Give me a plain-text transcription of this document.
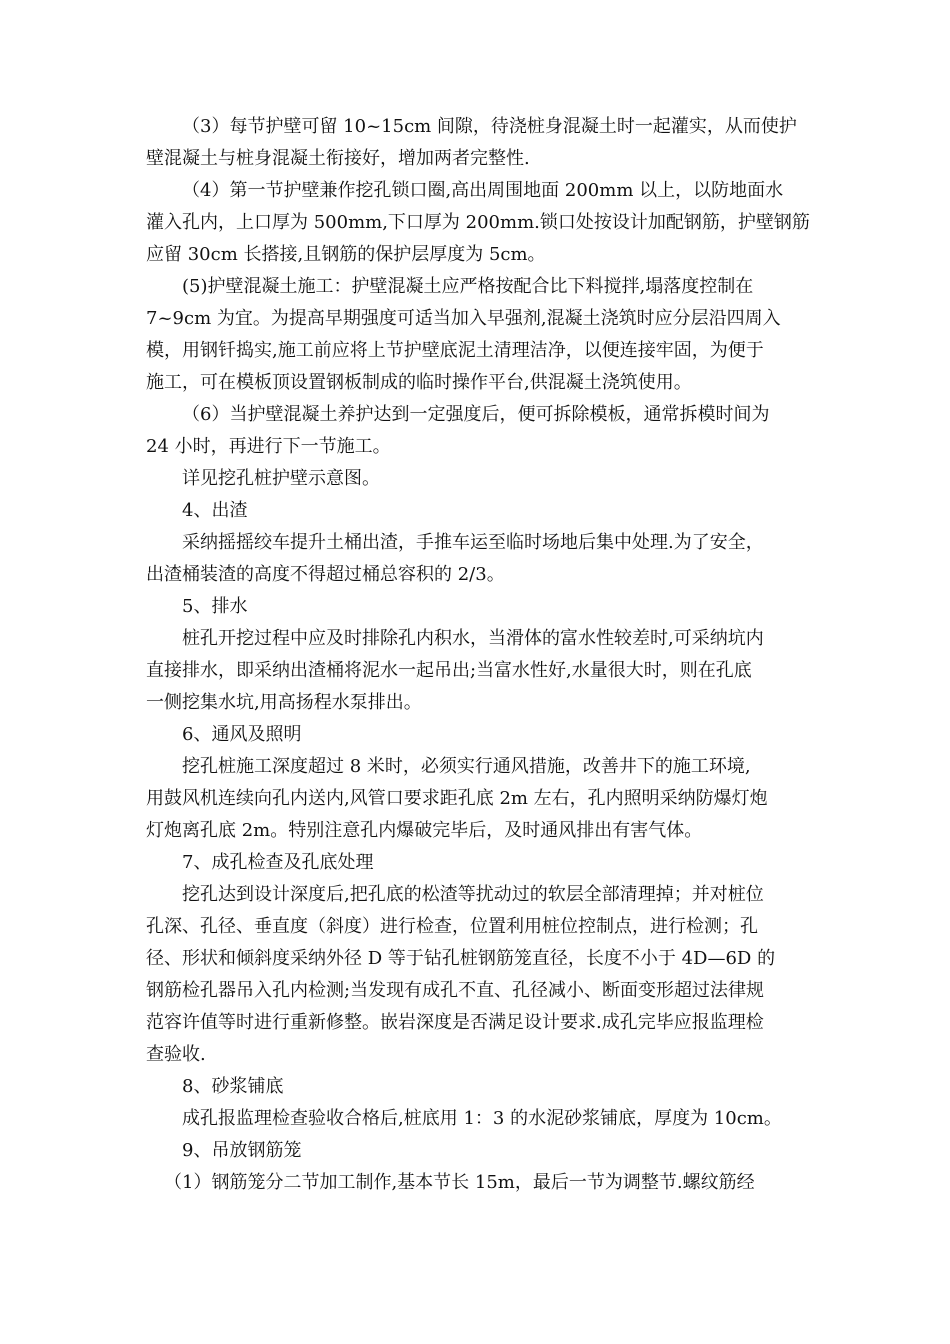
（3）每节护壁可留 10~15cm 间隙，待浇桩身混凝土时一起灌实，从而使护
壁混凝土与桩身混凝土衔接好，增加两者完整性.
（4）第一节护壁兼作挖孔锁口圈,高出周围地面 200mm 以上，以防地面水
灌入孔内，上口厚为 500mm,下口厚为 200mm.锁口处按设计加配钢筋，护壁钢筋
应留 30cm 长搭接,且钢筋的保护层厚度为 5cm。
(5)护壁混凝土施工：护壁混凝土应严格按配合比下料搅拌,塌落度控制在
7~9cm 为宜。为提高早期强度可适当加入早强剂,混凝土浇筑时应分层沿四周入
模，用钢钎捣实,施工前应将上节护壁底泥土清理洁净，以便连接牢固，为便于
施工，可在模板顶设置钢板制成的临时操作平台,供混凝土浇筑使用。
（6）当护壁混凝土养护达到一定强度后，便可拆除模板，通常拆模时间为
24 小时，再进行下一节施工。
详见挖孔桩护壁示意图。
4、出渣
采纳摇摇绞车提升土桶出渣，手推车运至临时场地后集中处理.为了安全，
出渣桶装渣的高度不得超过桶总容积的 2/3。
5、排水
桩孔开挖过程中应及时排除孔内积水，当滑体的富水性较差时,可采纳坑内
直接排水，即采纳出渣桶将泥水一起吊出;当富水性好,水量很大时，则在孔底
一侧挖集水坑,用高扬程水泵排出。
6、通风及照明
挖孔桩施工深度超过 8 米时，必须实行通风措施，改善井下的施工环境,
用鼓风机连续向孔内送内,风管口要求距孔底 2m 左右，孔内照明采纳防爆灯炮
灯炮离孔底 2m。特别注意孔内爆破完毕后，及时通风排出有害气体。
7、成孔检查及孔底处理
挖孔达到设计深度后,把孔底的松渣等扰动过的软层全部清理掉；并对桩位
孔深、孔径、垂直度（斜度）进行检查，位置利用桩位控制点，进行检测；孔
径、形状和倾斜度采纳外径 D 等于钻孔桩钢筋笼直径，长度不小于 4D—6D 的
钢筋检孔器吊入孔内检测;当发现有成孔不直、孔径减小、断面变形超过法律规
范容许值等时进行重新修整。嵌岩深度是否满足设计要求.成孔完毕应报监理检
查验收.
8、砂浆铺底
成孔报监理检查验收合格后,桩底用 1：3 的水泥砂浆铺底，厚度为 10cm。
9、吊放钢筋笼
（1）钢筋笼分二节加工制作,基本节长 15m，最后一节为调整节.螺纹筋经
